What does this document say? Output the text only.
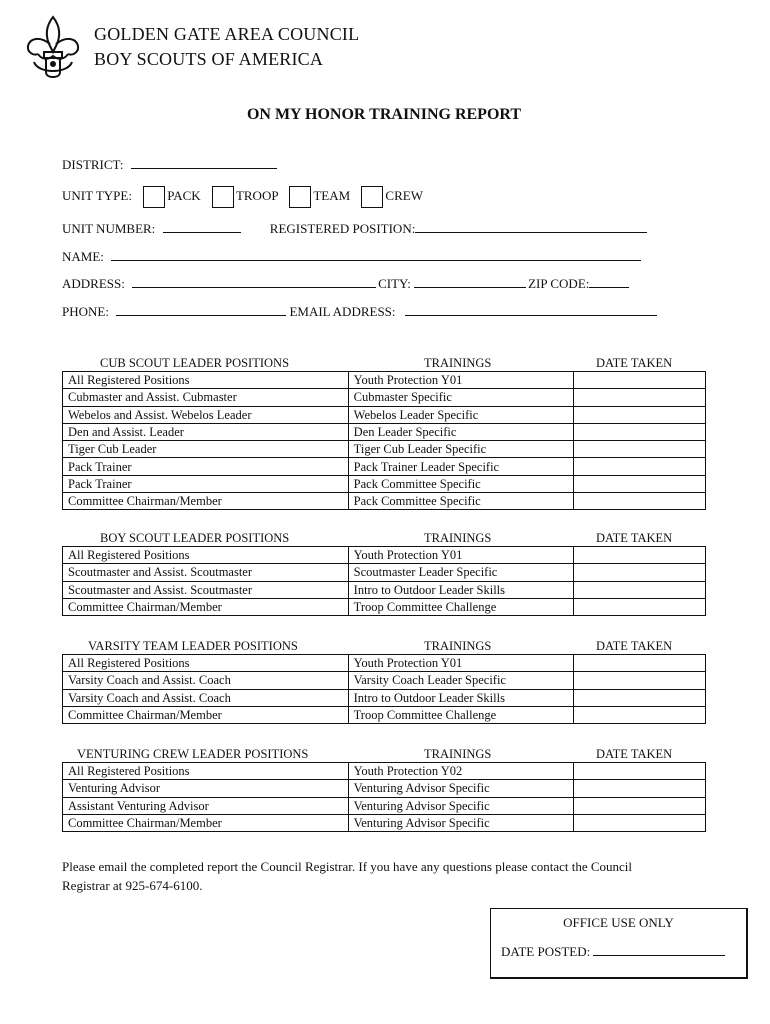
GOLDEN GATE AREA COUNCIL
BOY SCOUTS OF AMERICA
ON MY HONOR TRAINING REPORT
DISTRICT:
UNIT TYPE:	PACK	TROOP	TEAM	CREW
UNIT NUMBER:	REGISTERED POSITION:
NAME:
ADDRESS:	CITY:	ZIP CODE:
PHONE:	EMAIL ADDRESS:
CUB SCOUT LEADER POSITIONS	TRAININGS	DATE TAKEN
All Registered Positions	Youth Protection Y01	
Cubmaster and Assist. Cubmaster	Cubmaster Specific	
Webelos and Assist. Webelos Leader	Webelos Leader Specific	
Den and Assist. Leader	Den Leader Specific	
Tiger Cub Leader	Tiger Cub Leader Specific	
Pack Trainer	Pack Trainer Leader Specific	
Pack Trainer	Pack Committee Specific	
Committee Chairman/Member	Pack Committee Specific	
BOY SCOUT LEADER POSITIONS	TRAININGS	DATE TAKEN
All Registered Positions	Youth Protection Y01	
Scoutmaster and Assist. Scoutmaster	Scoutmaster Leader Specific	
Scoutmaster and Assist. Scoutmaster	Intro to Outdoor Leader Skills	
Committee Chairman/Member	Troop Committee Challenge	
VARSITY TEAM LEADER POSITIONS	TRAININGS	DATE TAKEN
All Registered Positions	Youth Protection Y01	
Varsity Coach and Assist. Coach	Varsity Coach Leader Specific	
Varsity Coach and Assist. Coach	Intro to Outdoor Leader Skills	
Committee Chairman/Member	Troop Committee Challenge	
VENTURING CREW LEADER POSITIONS	TRAININGS	DATE TAKEN
All Registered Positions	Youth Protection Y02	
Venturing Advisor	Venturing Advisor Specific	
Assistant Venturing Advisor	Venturing Advisor Specific	
Committee Chairman/Member	Venturing Advisor Specific	
Please email the completed report the Council Registrar. If you have any questions please contact the Council
Registrar at 925-674-6100.
OFFICE USE ONLY
DATE POSTED:
